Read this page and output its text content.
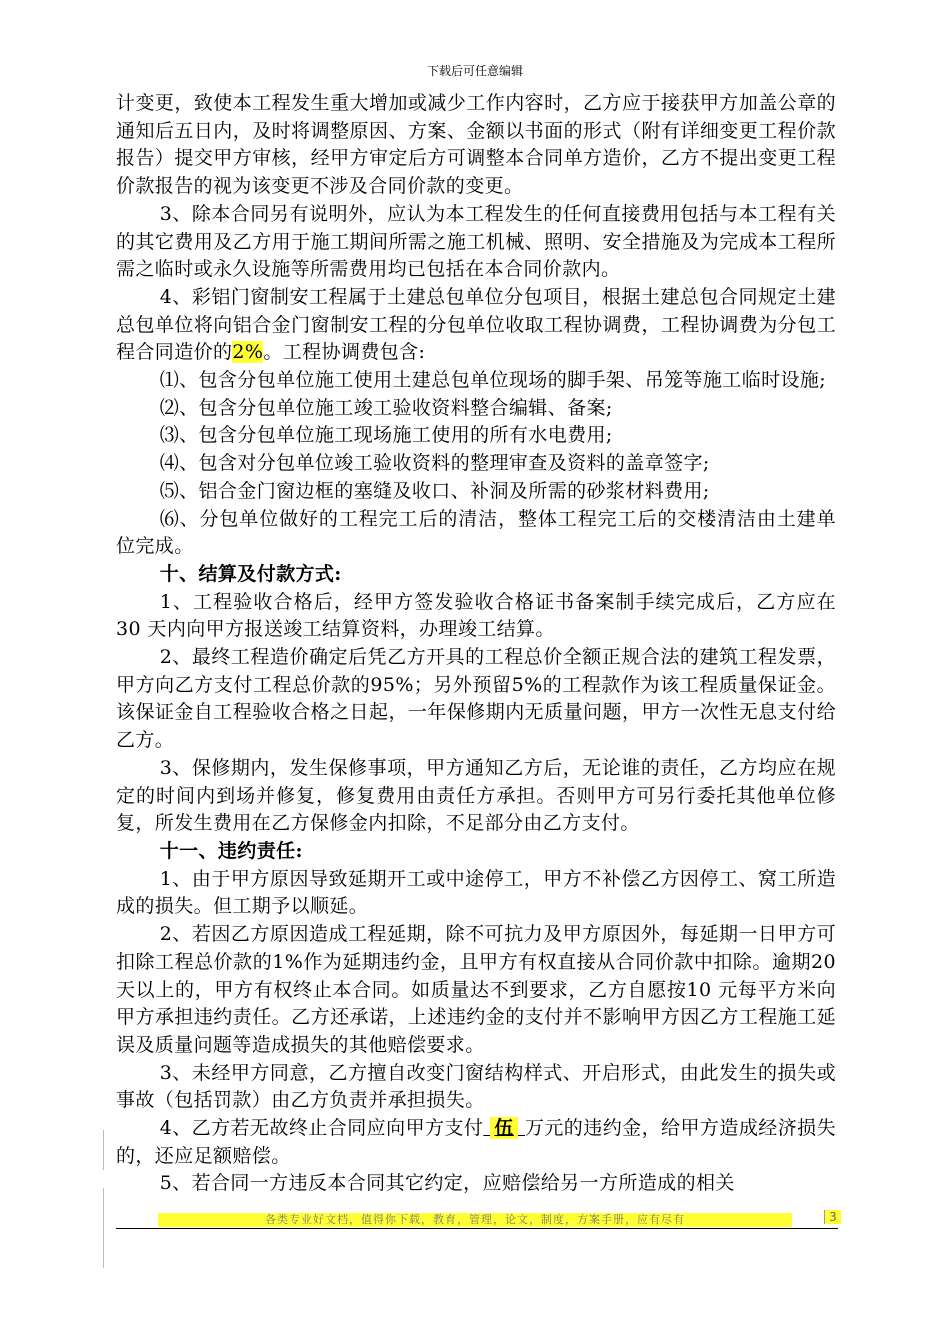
下载后可任意编辑

计变更，致使本工程发生重大增加或减少工作内容时，乙方应于接获甲方加盖公章的通知后五日内，及时将调整原因、方案、金额以书面的形式（附有详细变更工程价款报告）提交甲方审核，经甲方审定后方可调整本合同单方造价，乙方不提出变更工程价款报告的视为该变更不涉及合同价款的变更。

3、除本合同另有说明外，应认为本工程发生的任何直接费用包括与本工程有关的其它费用及乙方用于施工期间所需之施工机械、照明、安全措施及为完成本工程所需之临时或永久设施等所需费用均已包括在本合同价款内。

4、彩铝门窗制安工程属于土建总包单位分包项目，根据土建总包合同规定土建总包单位将向铝合金门窗制安工程的分包单位收取工程协调费，工程协调费为分包工程合同造价的2%。工程协调费包含:

⑴、包含分包单位施工使用土建总包单位现场的脚手架、吊笼等施工临时设施;

⑵、包含分包单位施工竣工验收资料整合编辑、备案;

⑶、包含分包单位施工现场施工使用的所有水电费用;

⑷、包含对分包单位竣工验收资料的整理审查及资料的盖章签字;

⑸、铝合金门窗边框的塞缝及收口、补洞及所需的砂浆材料费用;

⑹、分包单位做好的工程完工后的清洁，整体工程完工后的交楼清洁由土建单位完成。

十、结算及付款方式:

1、工程验收合格后，经甲方签发验收合格证书备案制手续完成后，乙方应在30 天内向甲方报送竣工结算资料，办理竣工结算。

2、最终工程造价确定后凭乙方开具的工程总价全额正规合法的建筑工程发票，甲方向乙方支付工程总价款的95%；另外预留5%的工程款作为该工程质量保证金。该保证金自工程验收合格之日起，一年保修期内无质量问题，甲方一次性无息支付给乙方。

3、保修期内，发生保修事项，甲方通知乙方后，无论谁的责任，乙方均应在规定的时间内到场并修复，修复费用由责任方承担。否则甲方可另行委托其他单位修复，所发生费用在乙方保修金内扣除，不足部分由乙方支付。

十一、违约责任:

1、由于甲方原因导致延期开工或中途停工，甲方不补偿乙方因停工、窝工所造成的损失。但工期予以顺延。

2、若因乙方原因造成工程延期，除不可抗力及甲方原因外，每延期一日甲方可扣除工程总价款的1%作为延期违约金，且甲方有权直接从合同价款中扣除。逾期20天以上的，甲方有权终止本合同。如质量达不到要求，乙方自愿按10 元每平方米向甲方承担违约责任。乙方还承诺，上述违约金的支付并不影响甲方因乙方工程施工延误及质量问题等造成损失的其他赔偿要求。

3、未经甲方同意，乙方擅自改变门窗结构样式、开启形式，由此发生的损失或事故（包括罚款）由乙方负责并承担损失。

4、乙方若无故终止合同应向甲方支付 伍 万元的违约金，给甲方造成经济损失的，还应足额赔偿。

5、若合同一方违反本合同其它约定，应赔偿给另一方所造成的相关

各类专业好文档，值得你下载，教育，管理，论文，制度，方案手册，应有尽有	3
